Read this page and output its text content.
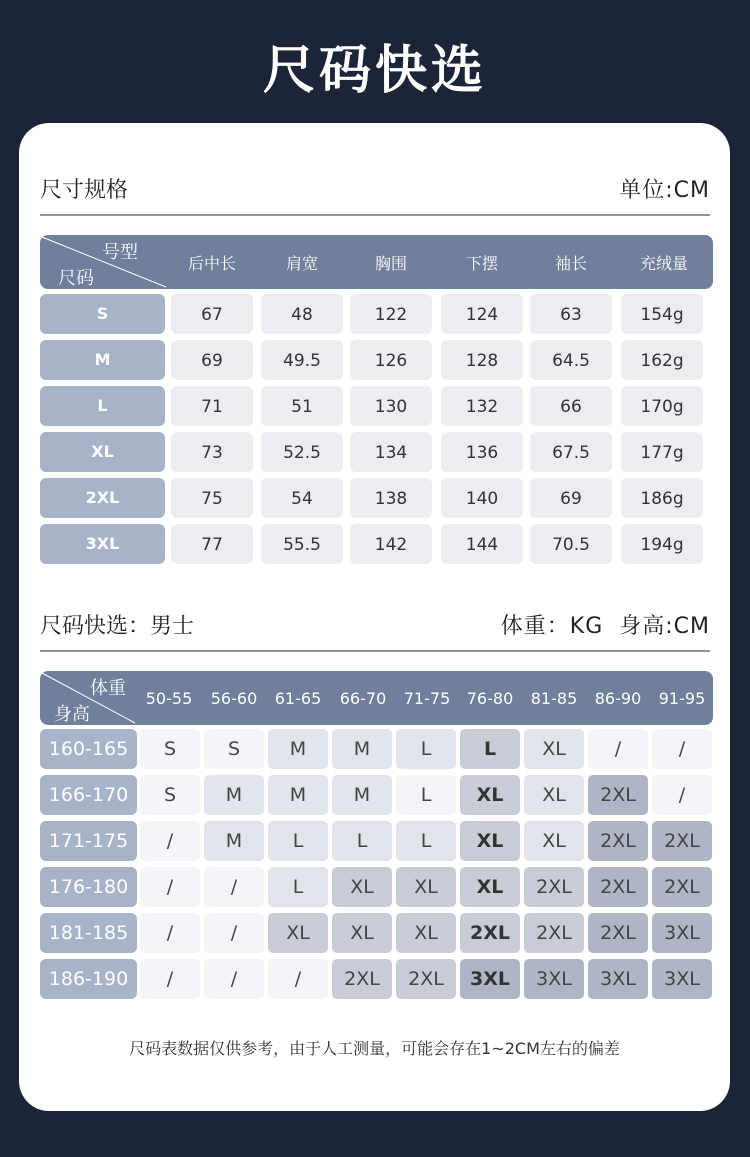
尺码快选
尺寸规格	单位:CM
号型
尺码
后中长	肩宽	胸围	下摆	袖长	充绒量
S	67	48	122	124	63	154g
M	69	49.5	126	128	64.5	162g
L	71	51	130	132	66	170g
XL	73	52.5	134	136	67.5	177g
2XL	75	54	138	140	69	186g
3XL	77	55.5	142	144	70.5	194g
尺码快选：男士	体重：KG  身高:CM
体重
身高
50-55	56-60	61-65	66-70	71-75	76-80	81-85	86-90	91-95
160-165	S	S	M	M	L	L	XL	/	/
166-170	S	M	M	M	L	XL	XL	2XL	/
171-175	/	M	L	L	L	XL	XL	2XL	2XL
176-180	/	/	L	XL	XL	XL	2XL	2XL	2XL
181-185	/	/	XL	XL	XL	2XL	2XL	2XL	3XL
186-190	/	/	/	2XL	2XL	3XL	3XL	3XL	3XL
尺码表数据仅供参考，由于人工测量，可能会存在1~2CM左右的偏差
